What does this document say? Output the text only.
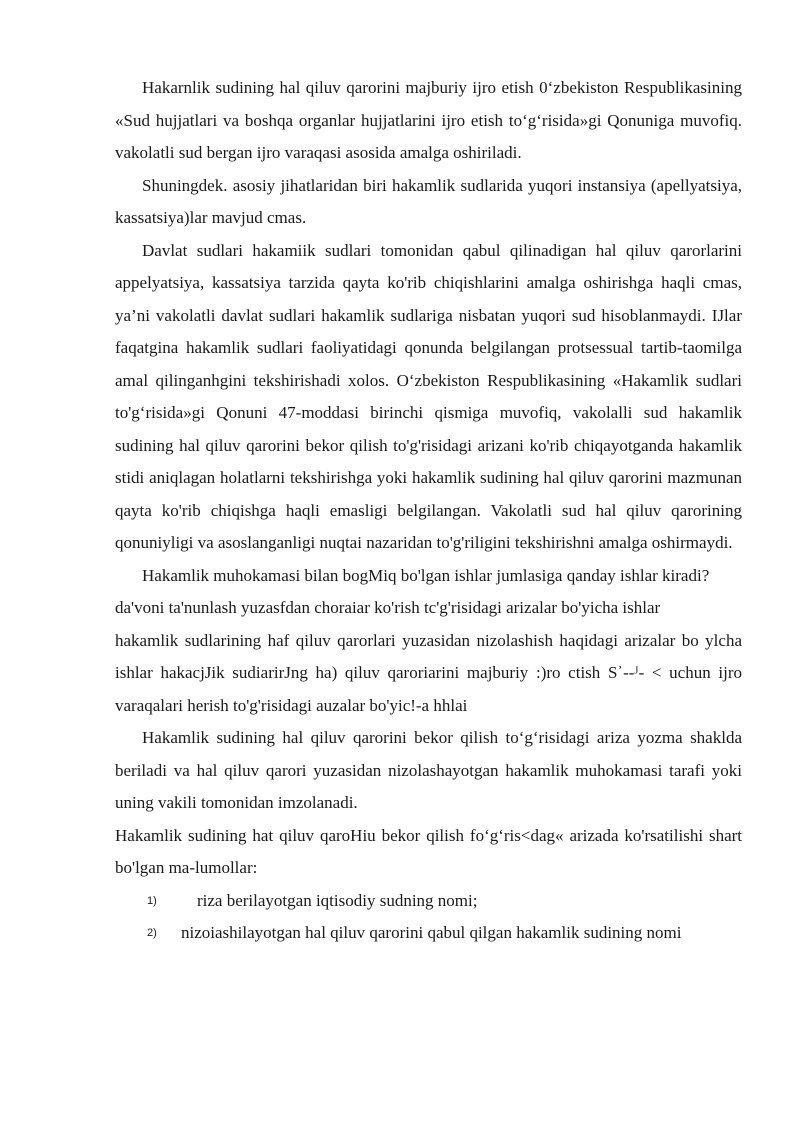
Hakarnlik sudining hal qiluv qarorini majburiy ijro etish 0‘zbekiston Respublikasining «Sud hujjatlari va boshqa organlar hujjatlarini ijro etish to‘g‘risida»gi Qonuniga muvofiq. vakolatli sud bergan ijro varaqasi asosida amalga oshiriladi.

Shuningdek. asosiy jihatlaridan biri hakamlik sudlarida yuqori instansiya (apellyatsiya, kassatsiya)lar mavjud cmas.

Davlat sudlari hakamiik sudlari tomonidan qabul qilinadigan hal qiluv qarorlarini appelyatsiya, kassatsiya tarzida qayta ko'rib chiqishlarini amalga oshirishga haqli cmas, ya’ni vakolatli davlat sudlari hakamlik sudlariga nisbatan yuqori sud hisoblanmaydi. IJlar faqatgina hakamlik sudlari faoliyatidagi qonunda belgilangan protsessual tartib-taomilga amal qilinganhgini tekshirishadi xolos. O‘zbekiston Respublikasining «Hakamlik sudlari to'g‘risida»gi Qonuni 47-moddasi birinchi qismiga muvofiq, vakolalli sud hakamlik sudining hal qiluv qarorini bekor qilish to'g'risidagi arizani ko'rib chiqayotganda hakamlik stidi aniqlagan holatlarni tekshirishga yoki hakamlik sudining hal qiluv qarorini mazmunan qayta ko'rib chiqishga haqli emasligi belgilangan. Vakolatli sud hal qiluv qarorining qonuniyligi va asoslanganligi nuqtai nazaridan to'g'riligini tekshirishni amalga oshirmaydi.

Hakamlik muhokamasi bilan bogMiq bo'lgan ishlar jumlasiga qanday ishlar kiradi?

da'voni ta'nunlash yuzasfdan choraiar ko'rish tc'g'risidagi arizalar bo'yicha ishlar

hakamlik sudlarining haf qiluv qarorlari yuzasidan nizolashish haqidagi arizalar bo ylcha ishlar hakacjJik sudiarirJng ha) qiluv qaroriarini majburiy :)ro ctish S᾿-‑ᴶ- < uchun ijro varaqalari herish to'g'risidagi auzalar bo'yic!-a hhlai

Hakamlik sudining hal qiluv qarorini bekor qilish to‘g‘risidagi ariza yozma shaklda beriladi va hal qiluv qarori yuzasidan nizolashayotgan hakamlik muhokamasi tarafi yoki uning vakili tomonidan imzolanadi.

Hakamlik sudining hat qiluv qaroHiu bekor qilish fo‘g‘ris<dag« arizada ko'rsatilishi shart bo'lgan ma-lumollar:

1)	riza berilayotgan iqtisodiy sudning nomi;
2)	nizoiashilayotgan hal qiluv qarorini qabul qilgan hakamlik sudining nomi
